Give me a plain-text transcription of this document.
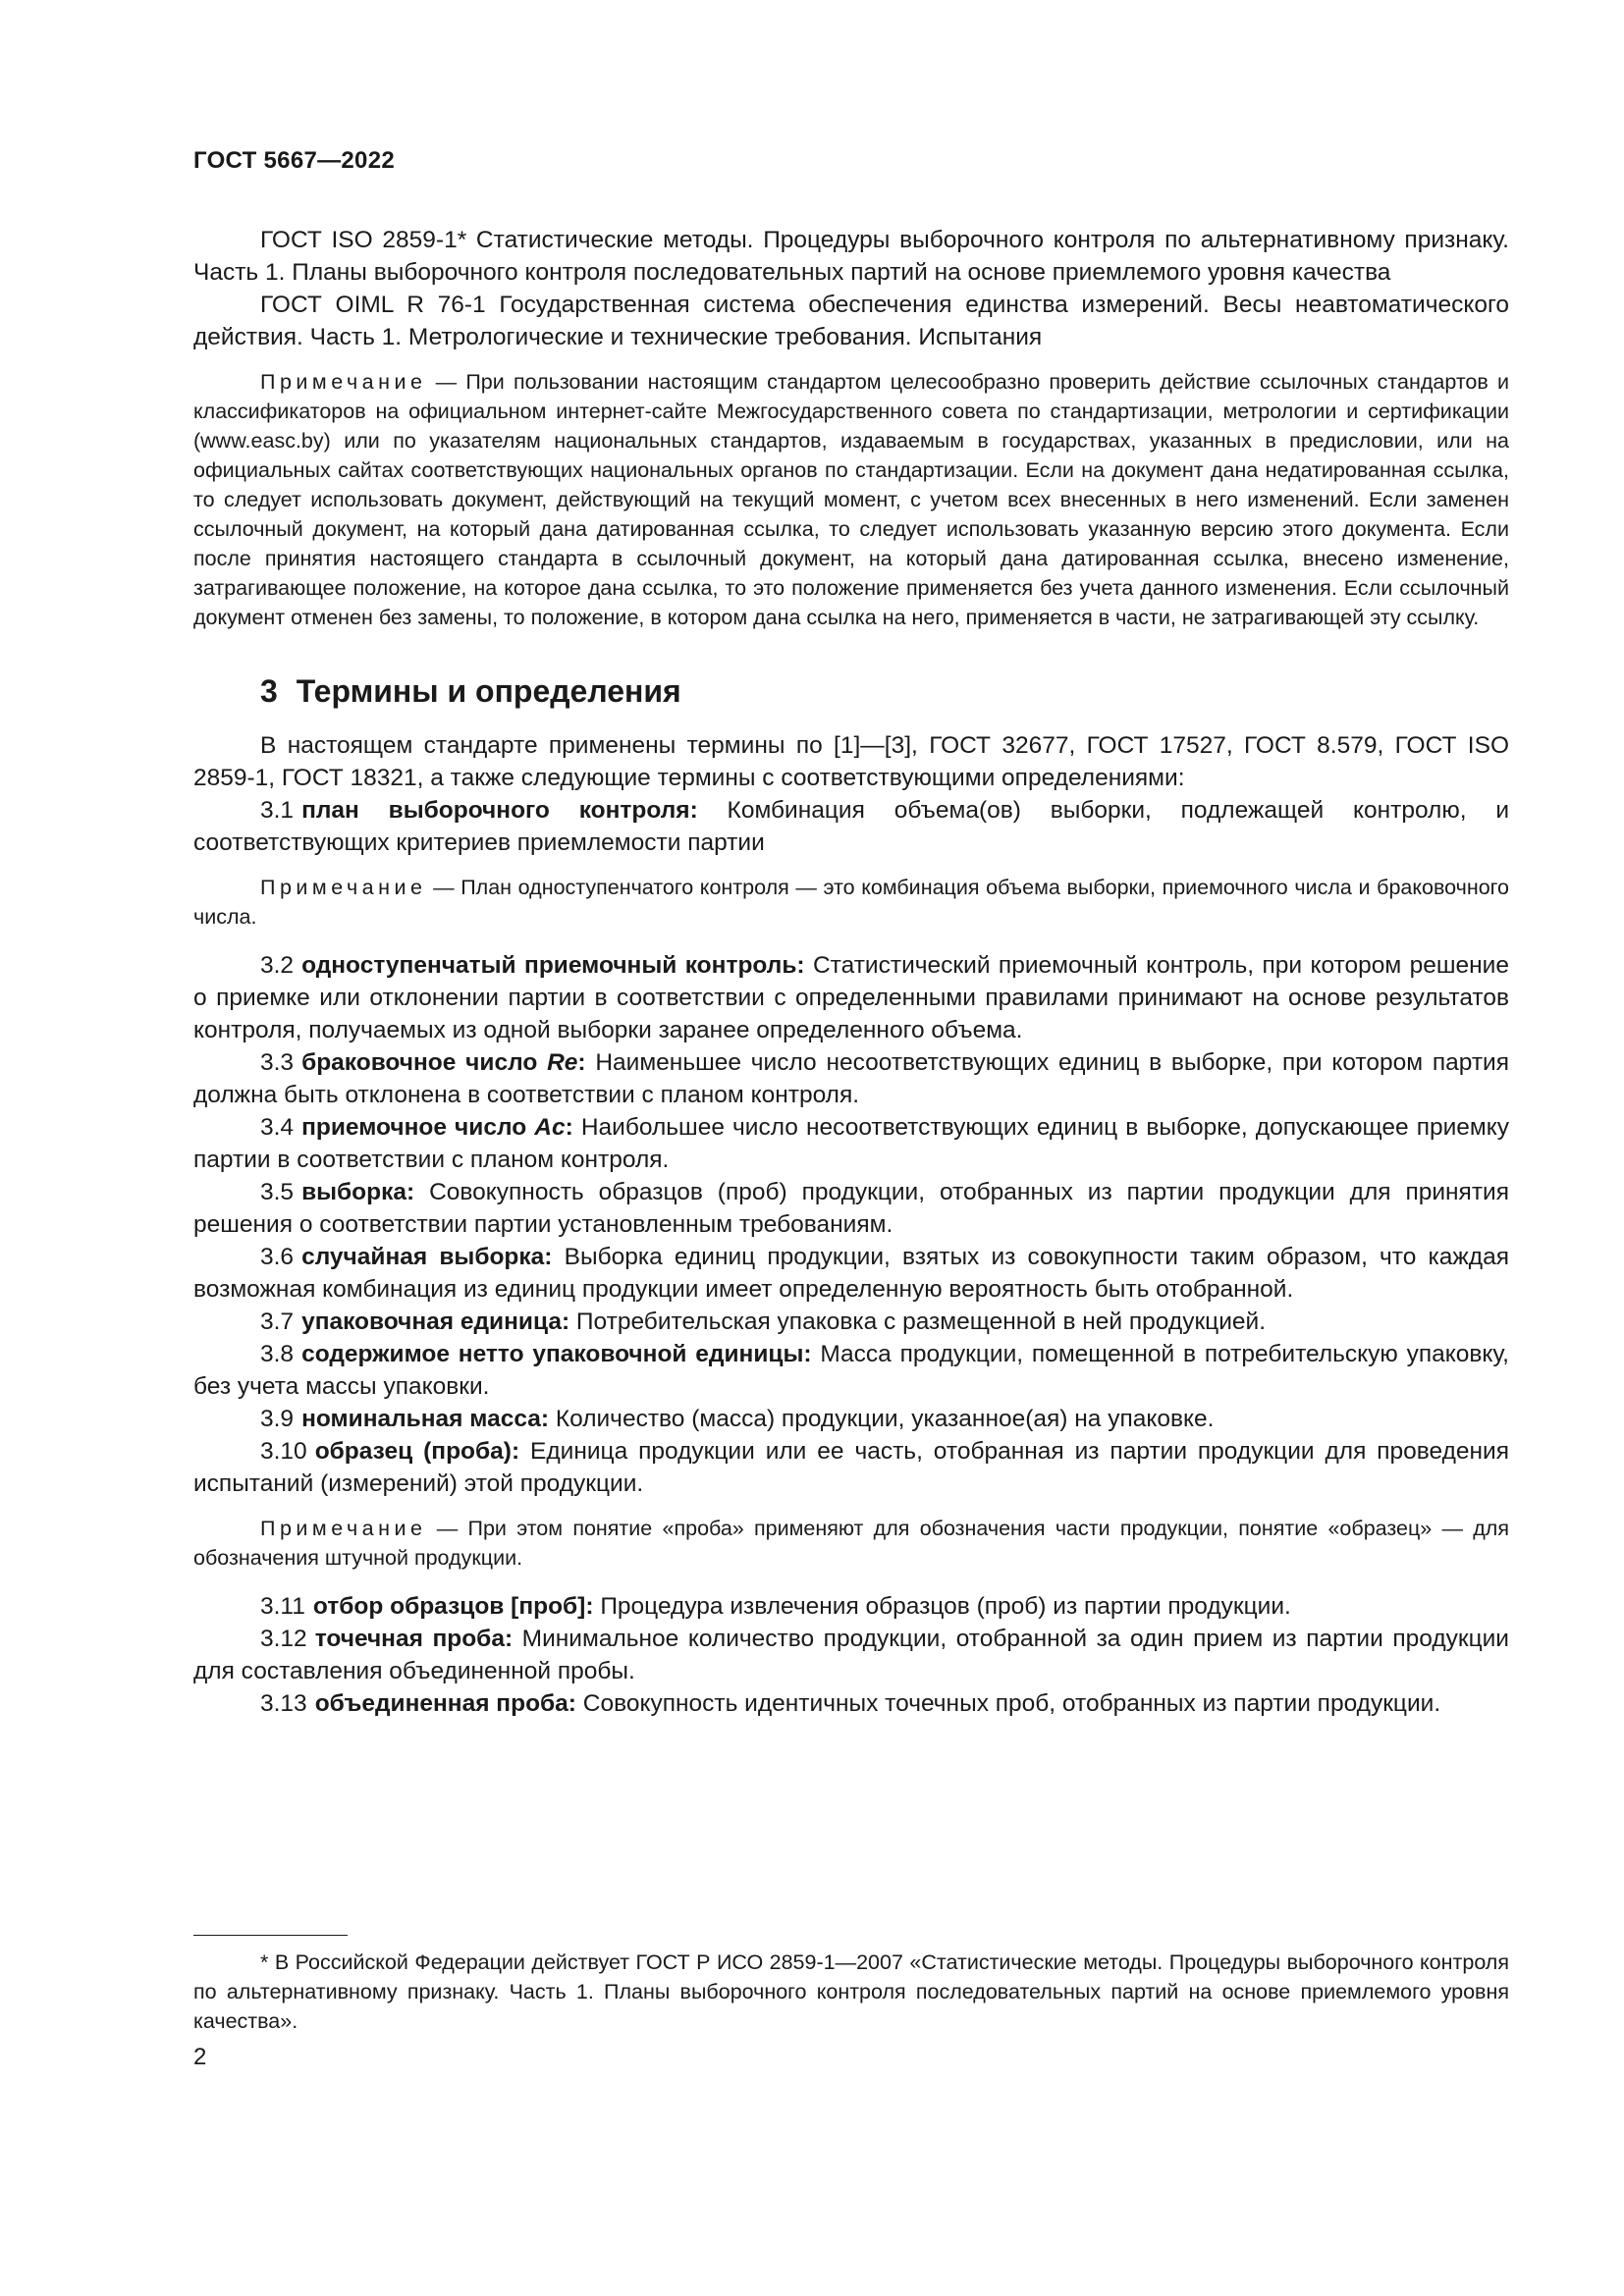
ГОСТ 5667—2022

ГОСТ ISO 2859-1* Статистические методы. Процедуры выборочного контроля по альтернативному признаку. Часть 1. Планы выборочного контроля последовательных партий на основе приемлемого уровня качества

ГОСТ OIML R 76-1 Государственная система обеспечения единства измерений. Весы неавтоматического действия. Часть 1. Метрологические и технические требования. Испытания

Примечание — При пользовании настоящим стандартом целесообразно проверить действие ссылочных стандартов и классификаторов на официальном интернет-сайте Межгосударственного совета по стандартизации, метрологии и сертификации (www.easc.by) или по указателям национальных стандартов, издаваемым в государствах, указанных в предисловии, или на официальных сайтах соответствующих национальных органов по стандартизации. Если на документ дана недатированная ссылка, то следует использовать документ, действующий на текущий момент, с учетом всех внесенных в него изменений. Если заменен ссылочный документ, на который дана датированная ссылка, то следует использовать указанную версию этого документа. Если после принятия настоящего стандарта в ссылочный документ, на который дана датированная ссылка, внесено изменение, затрагивающее положение, на которое дана ссылка, то это положение применяется без учета данного изменения. Если ссылочный документ отменен без замены, то положение, в котором дана ссылка на него, применяется в части, не затрагивающей эту ссылку.

3 Термины и определения

В настоящем стандарте применены термины по [1]—[3], ГОСТ 32677, ГОСТ 17527, ГОСТ 8.579, ГОСТ ISO 2859-1, ГОСТ 18321, а также следующие термины с соответствующими определениями:

3.1 план выборочного контроля: Комбинация объема(ов) выборки, подлежащей контролю, и соответствующих критериев приемлемости партии

Примечание — План одноступенчатого контроля — это комбинация объема выборки, приемочного числа и браковочного числа.

3.2 одноступенчатый приемочный контроль: Статистический приемочный контроль, при котором решение о приемке или отклонении партии в соответствии с определенными правилами принимают на основе результатов контроля, получаемых из одной выборки заранее определенного объема.

3.3 браковочное число Re: Наименьшее число несоответствующих единиц в выборке, при котором партия должна быть отклонена в соответствии с планом контроля.

3.4 приемочное число Ac: Наибольшее число несоответствующих единиц в выборке, допускающее приемку партии в соответствии с планом контроля.

3.5 выборка: Совокупность образцов (проб) продукции, отобранных из партии продукции для принятия решения о соответствии партии установленным требованиям.

3.6 случайная выборка: Выборка единиц продукции, взятых из совокупности таким образом, что каждая возможная комбинация из единиц продукции имеет определенную вероятность быть отобранной.

3.7 упаковочная единица: Потребительская упаковка с размещенной в ней продукцией.

3.8 содержимое нетто упаковочной единицы: Масса продукции, помещенной в потребительскую упаковку, без учета массы упаковки.

3.9 номинальная масса: Количество (масса) продукции, указанное(ая) на упаковке.

3.10 образец (проба): Единица продукции или ее часть, отобранная из партии продукции для проведения испытаний (измерений) этой продукции.

Примечание — При этом понятие «проба» применяют для обозначения части продукции, понятие «образец» — для обозначения штучной продукции.

3.11 отбор образцов [проб]: Процедура извлечения образцов (проб) из партии продукции.

3.12 точечная проба: Минимальное количество продукции, отобранной за один прием из партии продукции для составления объединенной пробы.

3.13 объединенная проба: Совокупность идентичных точечных проб, отобранных из партии продукции.

* В Российской Федерации действует ГОСТ Р ИСО 2859-1—2007 «Статистические методы. Процедуры выборочного контроля по альтернативному признаку. Часть 1. Планы выборочного контроля последовательных партий на основе приемлемого уровня качества».

2
